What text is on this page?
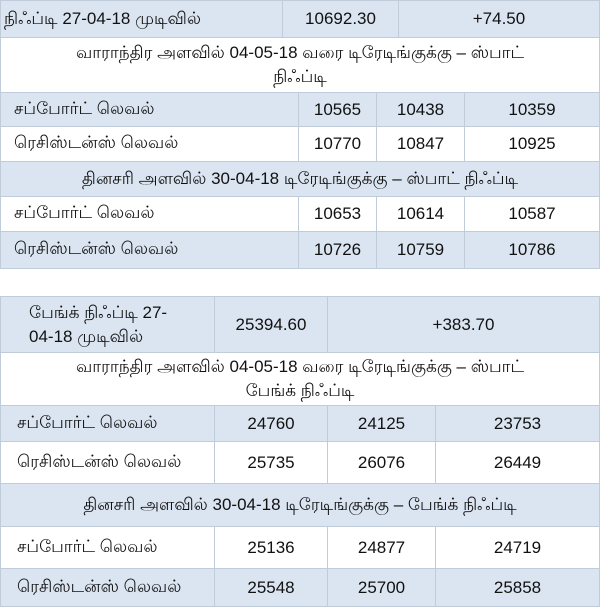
நிஃப்டி 27-04-18 முடிவில்	10692.30	+74.50
வாராந்திர அளவில் 04-05-18 வரை டிரேடிங்குக்கு – ஸ்பாட்
நிஃப்டி
சப்போர்ட் லெவல்	10565	10438	10359
ரெசிஸ்டன்ஸ் லெவல்	10770	10847	10925
தினசரி அளவில் 30-04-18 டிரேடிங்குக்கு – ஸ்பாட் நிஃப்டி
சப்போர்ட் லெவல்	10653	10614	10587
ரெசிஸ்டன்ஸ் லெவல்	10726	10759	10786
பேங்க் நிஃப்டி 27-
04-18 முடிவில்
25394.60	+383.70
வாராந்திர அளவில் 04-05-18 வரை டிரேடிங்குக்கு – ஸ்பாட்
பேங்க் நிஃப்டி
சப்போர்ட் லெவல்	24760	24125	23753
ரெசிஸ்டன்ஸ் லெவல்	25735	26076	26449
தினசரி அளவில் 30-04-18 டிரேடிங்குக்கு – பேங்க் நிஃப்டி
சப்போர்ட் லெவல்	25136	24877	24719
ரெசிஸ்டன்ஸ் லெவல்	25548	25700	25858
